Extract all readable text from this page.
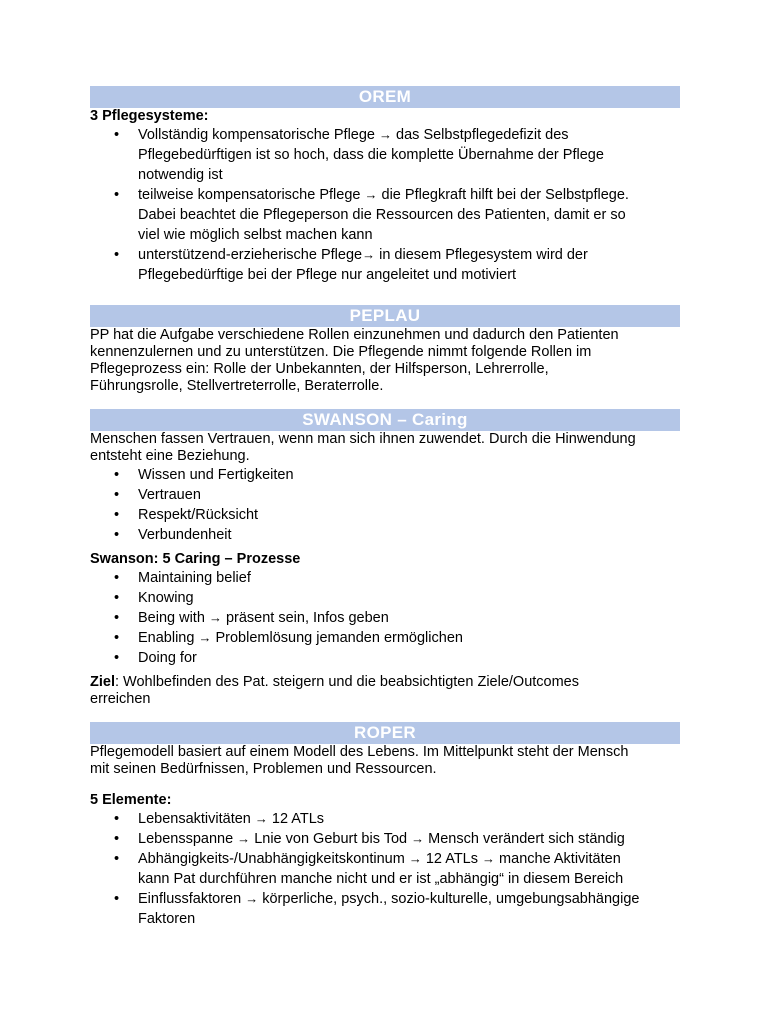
OREM

3 Pflegesysteme:

• Vollständig kompensatorische Pflege → das Selbstpflegedefizit des
Pflegebedürftigen ist so hoch, dass die komplette Übernahme der Pflege
notwendig ist
• teilweise kompensatorische Pflege → die Pflegkraft hilft bei der Selbstpflege.
Dabei beachtet die Pflegeperson die Ressourcen des Patienten, damit er so
viel wie möglich selbst machen kann
• unterstützend-erzieherische Pflege→ in diesem Pflegesystem wird der
Pflegebedürftige bei der Pflege nur angeleitet und motiviert
PEPLAU

PP hat die Aufgabe verschiedene Rollen einzunehmen und dadurch den Patienten
kennenzulernen und zu unterstützen. Die Pflegende nimmt folgende Rollen im
Pflegeprozess ein: Rolle der Unbekannten, der Hilfsperson, Lehrerrolle,
Führungsrolle, Stellvertreterrolle, Beraterrolle.

SWANSON – Caring

Menschen fassen Vertrauen, wenn man sich ihnen zuwendet. Durch die Hinwendung
entsteht eine Beziehung.

• Wissen und Fertigkeiten
• Vertrauen
• Respekt/Rücksicht
• Verbundenheit

Swanson: 5 Caring – Prozesse

• Maintaining belief
• Knowing
• Being with → präsent sein, Infos geben
• Enabling → Problemlösung jemanden ermöglichen
• Doing for

Ziel: Wohlbefinden des Pat. steigern und die beabsichtigten Ziele/Outcomes
erreichen

ROPER

Pflegemodell basiert auf einem Modell des Lebens. Im Mittelpunkt steht der Mensch
mit seinen Bedürfnissen, Problemen und Ressourcen.

5 Elemente:

• Lebensaktivitäten → 12 ATLs
• Lebensspanne → Lnie von Geburt bis Tod → Mensch verändert sich ständig
• Abhängigkeits-/Unabhängigkeitskontinum → 12 ATLs → manche Aktivitäten
kann Pat durchführen manche nicht und er ist „abhängig“ in diesem Bereich
• Einflussfaktoren → körperliche, psych., sozio-kulturelle, umgebungsabhängige
Faktoren
